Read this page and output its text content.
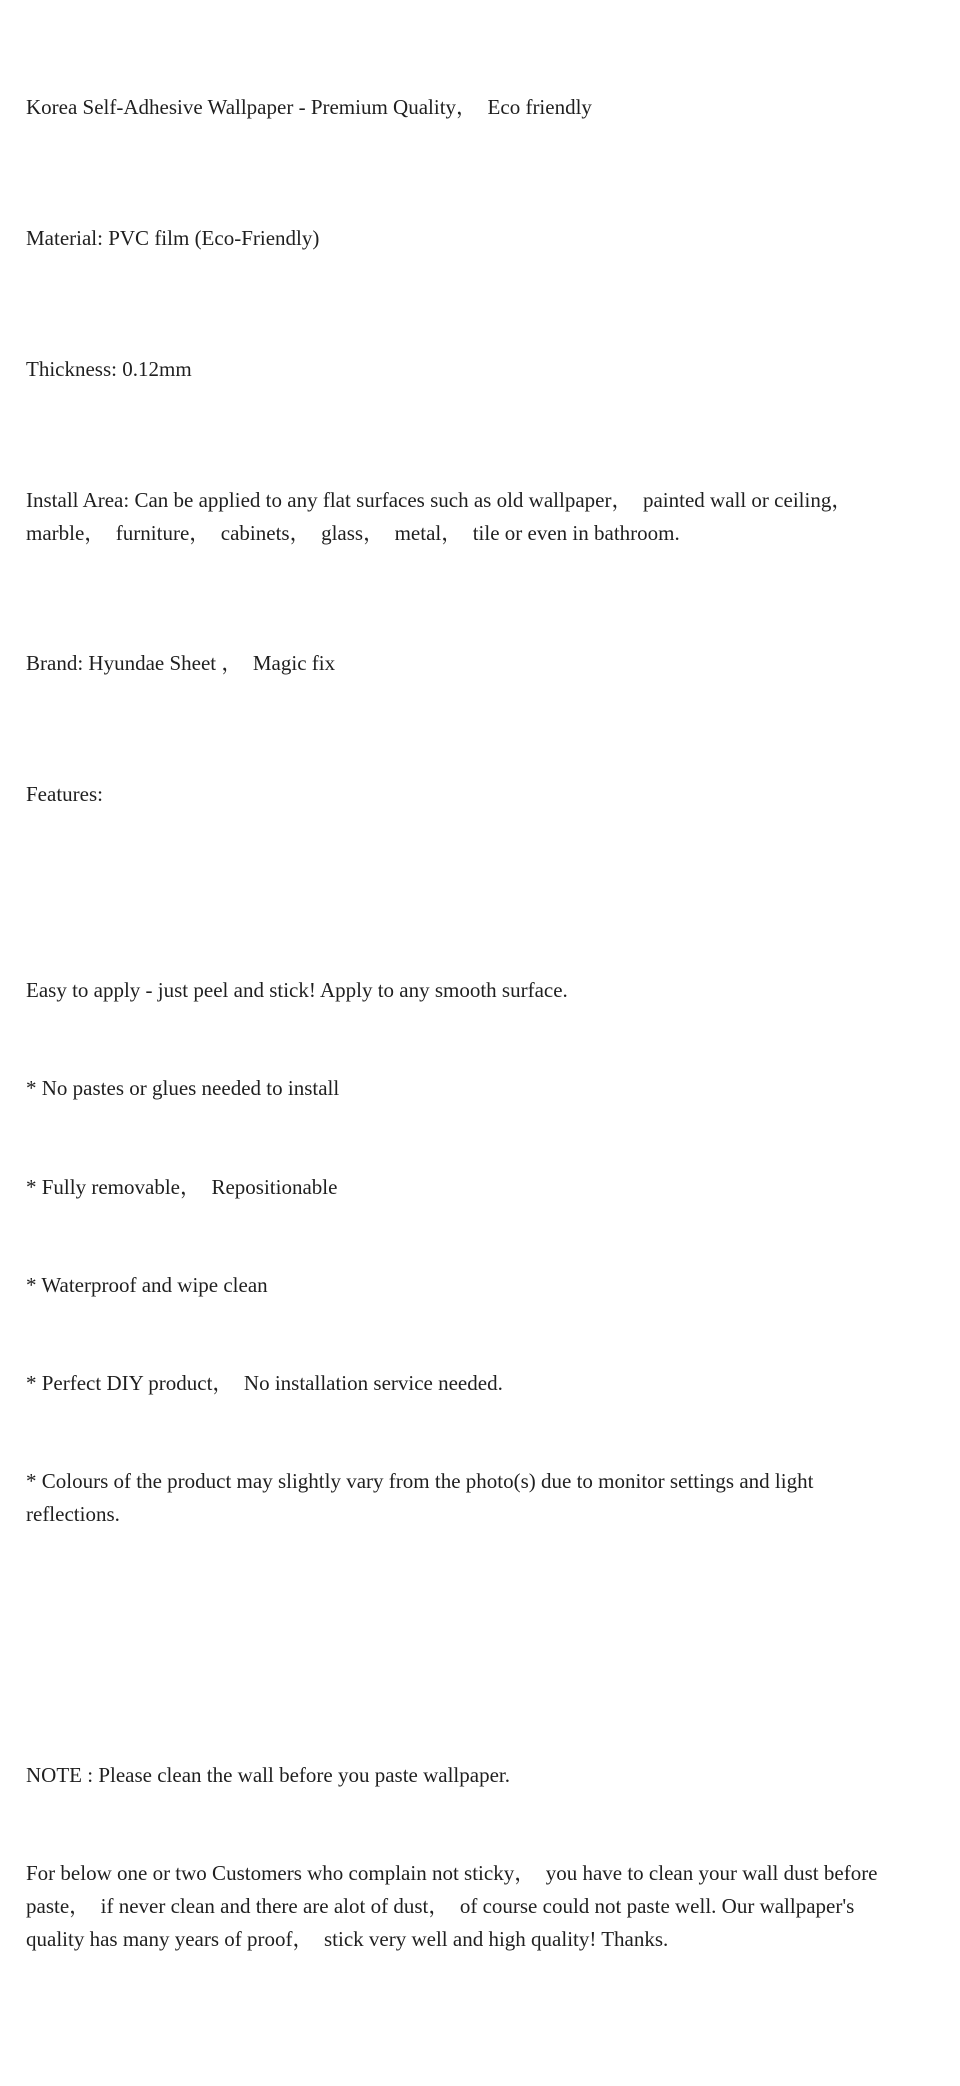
Korea Self-Adhesive Wallpaper - Premium Quality，  Eco friendly

Material: PVC film (Eco-Friendly)

Thickness: 0.12mm

Install Area: Can be applied to any flat surfaces such as old wallpaper，  painted wall or ceiling，  marble，  furniture，  cabinets，  glass，  metal，  tile or even in bathroom.

Brand: Hyundae Sheet ，  Magic fix

Features:

Easy to apply - just peel and stick! Apply to any smooth surface.

* No pastes or glues needed to install

* Fully removable，  Repositionable

* Waterproof and wipe clean

* Perfect DIY product，  No installation service needed.

* Colours of the product may slightly vary from the photo(s) due to monitor settings and light reflections.

NOTE : Please clean the wall before you paste wallpaper.

For below one or two Customers who complain not sticky，  you have to clean your wall dust before paste，  if never clean and there are alot of dust，  of course could not paste well. Our wallpaper's quality has many years of proof，  stick very well and high quality! Thanks.
